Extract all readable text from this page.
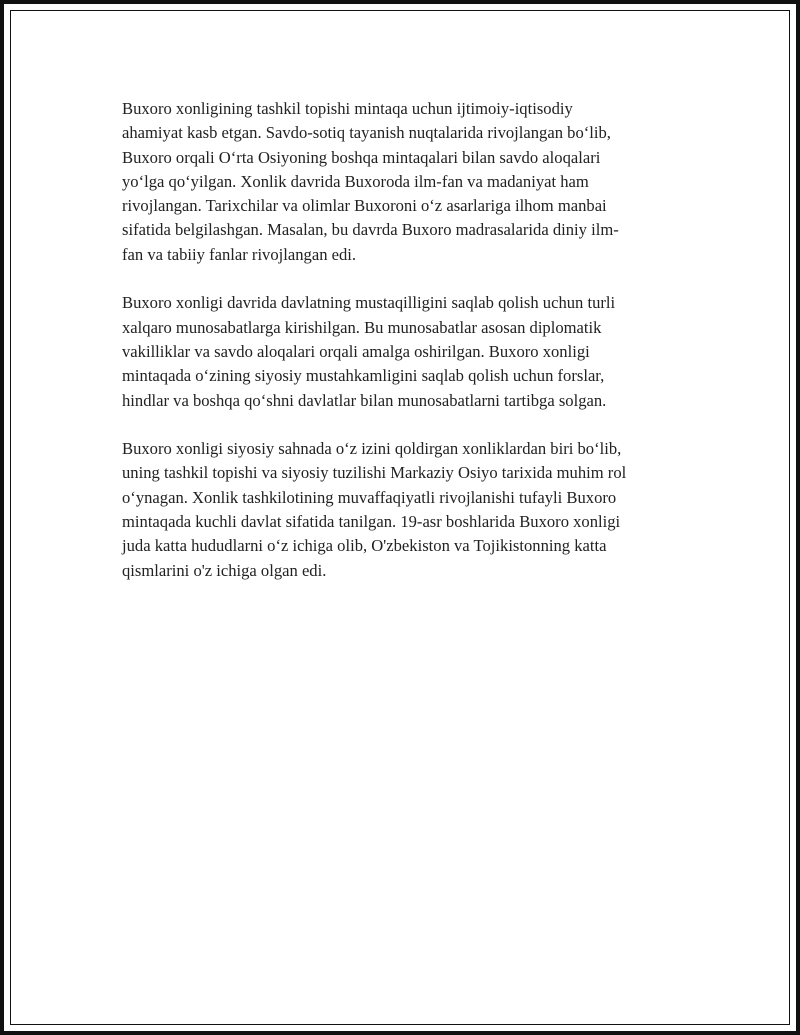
Buxoro xonligining tashkil topishi mintaqa uchun ijtimoiy-iqtisodiy
ahamiyat kasb etgan. Savdo-sotiq tayanish nuqtalarida rivojlangan bo‘lib,
Buxoro orqali O‘rta Osiyoning boshqa mintaqalari bilan savdo aloqalari
yo‘lga qo‘yilgan. Xonlik davrida Buxoroda ilm-fan va madaniyat ham
rivojlangan. Tarixchilar va olimlar Buxoroni o‘z asarlariga ilhom manbai
sifatida belgilashgan. Masalan, bu davrda Buxoro madrasalarida diniy ilm-
fan va tabiiy fanlar rivojlangan edi.

Buxoro xonligi davrida davlatning mustaqilligini saqlab qolish uchun turli
xalqaro munosabatlarga kirishilgan. Bu munosabatlar asosan diplomatik
vakilliklar va savdo aloqalari orqali amalga oshirilgan. Buxoro xonligi
mintaqada o‘zining siyosiy mustahkamligini saqlab qolish uchun forslar,
hindlar va boshqa qo‘shni davlatlar bilan munosabatlarni tartibga solgan.

Buxoro xonligi siyosiy sahnada o‘z izini qoldirgan xonliklardan biri bo‘lib,
uning tashkil topishi va siyosiy tuzilishi Markaziy Osiyo tarixida muhim rol
o‘ynagan. Xonlik tashkilotining muvaffaqiyatli rivojlanishi tufayli Buxoro
mintaqada kuchli davlat sifatida tanilgan. 19-asr boshlarida Buxoro xonligi
juda katta hududlarni o‘z ichiga olib, O'zbekiston va Tojikistonning katta
qismlarini o'z ichiga olgan edi.
